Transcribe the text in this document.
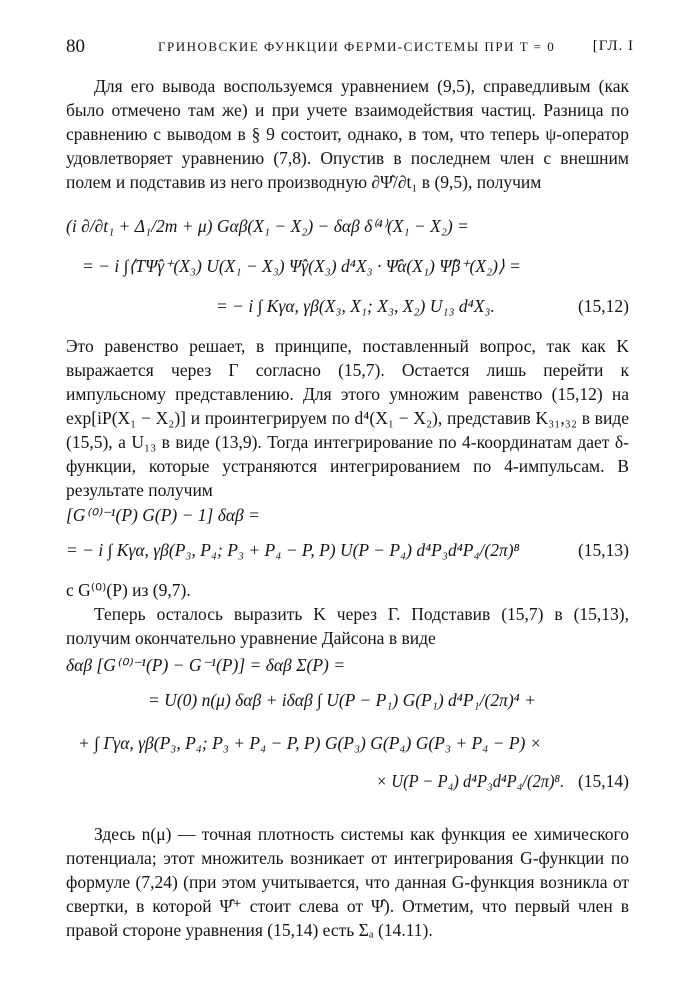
80	ГРИНОВСКИЕ ФУНКЦИИ ФЕРМИ-СИСТЕМЫ ПРИ T = 0	[ГЛ. I
Для его вывода воспользуемся уравнением (9,5), справедливым (как было отмечено там же) и при учете взаимодействия частиц. Разница по сравнению с выводом в § 9 состоит, однако, в том, что теперь ψ-оператор удовлетворяет уравнению (7,8). Опустив в последнем член с внешним полем и подставив из него производную ∂Ψ̂/∂t₁ в (9,5), получим
(i ∂/∂t₁ + Δ₁/2m + μ) Gαβ(X₁ − X₂) − δαβ δ⁽⁴⁾(X₁ − X₂) =
= − i ∫⟨TΨ̂γ⁺(X₃) U(X₁ − X₃) Ψ̂γ(X₃) d⁴X₃ · Ψ̂α(X₁) Ψ̂β⁺(X₂)⟩ =
= − i ∫ Kγα, γβ(X₃, X₁; X₃, X₂) U₁₃ d⁴X₃.	(15,12)
Это равенство решает, в принципе, поставленный вопрос, так как K выражается через Γ согласно (15,7). Остается лишь перейти к импульсному представлению. Для этого умножим равенство (15,12) на exp[iP(X₁ − X₂)] и проинтегрируем по d⁴(X₁ − X₂), представив K₃₁,₃₂ в виде (15,5), а U₁₃ в виде (13,9). Тогда интегрирование по 4-координатам дает δ-функции, которые устраняются интегрированием по 4-импульсам. В результате получим
[G⁽⁰⁾⁻¹(P) G(P) − 1] δαβ =
= − i ∫ Kγα, γβ(P₃, P₄; P₃ + P₄ − P, P) U(P − P₄) d⁴P₃d⁴P₄/(2π)⁸	(15,13)
с G⁽⁰⁾(P) из (9,7).
Теперь осталось выразить K через Γ. Подставив (15,7) в (15,13), получим окончательно уравнение Дайсона в виде
δαβ [G⁽⁰⁾⁻¹(P) − G⁻¹(P)] = δαβ Σ(P) =
= U(0) n(μ) δαβ + iδαβ ∫ U(P − P₁) G(P₁) d⁴P₁/(2π)⁴ +
+ ∫ Γγα, γβ(P₃, P₄; P₃ + P₄ − P, P) G(P₃) G(P₄) G(P₃ + P₄ − P) ×
× U(P − P₄) d⁴P₃d⁴P₄/(2π)⁸. (15,14)
Здесь n(μ) — точная плотность системы как функция ее химического потенциала; этот множитель возникает от интегрирования G-функции по формуле (7,24) (при этом учитывается, что данная G-функция возникла от свертки, в которой Ψ̂⁺ стоит слева от Ψ̂). Отметим, что первый член в правой стороне уравнения (15,14) есть Σₐ (14.11).
